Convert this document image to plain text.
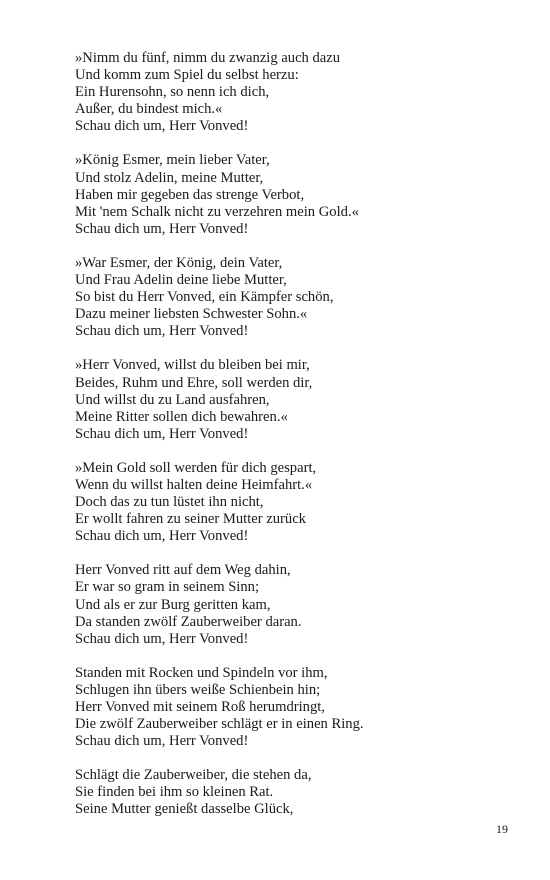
»Nimm du fünf, nimm du zwanzig auch dazu
Und komm zum Spiel du selbst herzu:
Ein Hurensohn, so nenn ich dich,
Außer, du bindest mich.«
Schau dich um, Herr Vonved!
»König Esmer, mein lieber Vater,
Und stolz Adelin, meine Mutter,
Haben mir gegeben das strenge Verbot,
Mit 'nem Schalk nicht zu verzehren mein Gold.«
Schau dich um, Herr Vonved!
»War Esmer, der König, dein Vater,
Und Frau Adelin deine liebe Mutter,
So bist du Herr Vonved, ein Kämpfer schön,
Dazu meiner liebsten Schwester Sohn.«
Schau dich um, Herr Vonved!
»Herr Vonved, willst du bleiben bei mir,
Beides, Ruhm und Ehre, soll werden dir,
Und willst du zu Land ausfahren,
Meine Ritter sollen dich bewahren.«
Schau dich um, Herr Vonved!
»Mein Gold soll werden für dich gespart,
Wenn du willst halten deine Heimfahrt.«
Doch das zu tun lüstet ihn nicht,
Er wollt fahren zu seiner Mutter zurück
Schau dich um, Herr Vonved!
Herr Vonved ritt auf dem Weg dahin,
Er war so gram in seinem Sinn;
Und als er zur Burg geritten kam,
Da standen zwölf Zauberweiber daran.
Schau dich um, Herr Vonved!
Standen mit Rocken und Spindeln vor ihm,
Schlugen ihn übers weiße Schienbein hin;
Herr Vonved mit seinem Roß herumdringt,
Die zwölf Zauberweiber schlägt er in einen Ring.
Schau dich um, Herr Vonved!
Schlägt die Zauberweiber, die stehen da,
Sie finden bei ihm so kleinen Rat.
Seine Mutter genießt dasselbe Glück,
19
